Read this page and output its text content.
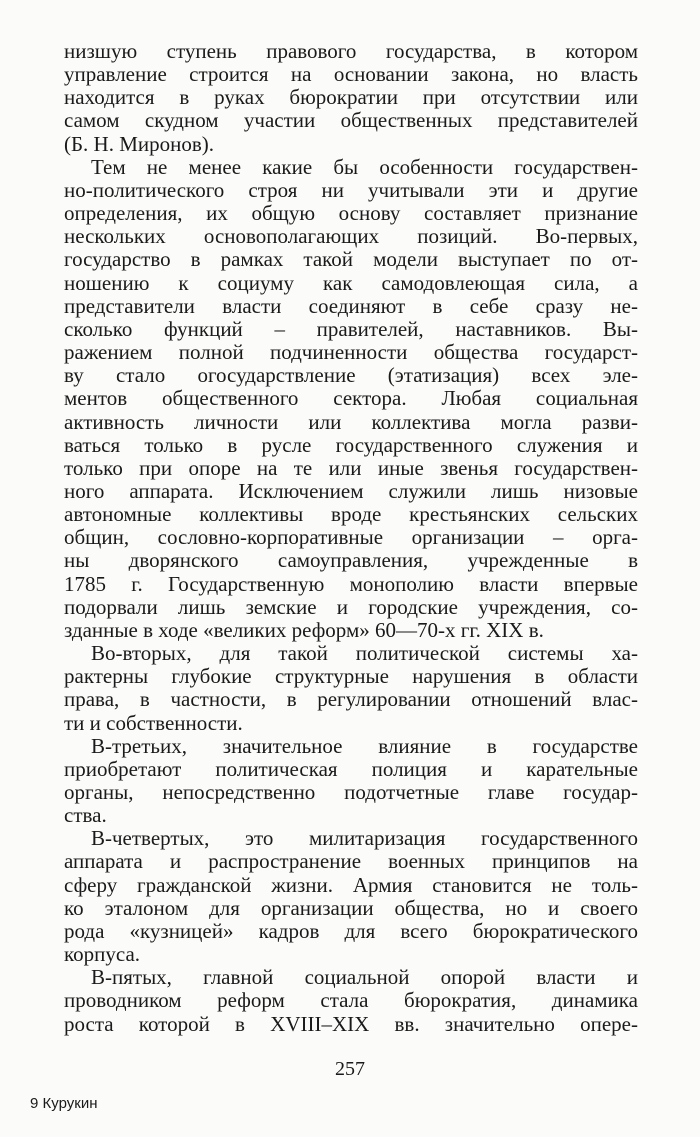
низшую ступень правового государства, в котором
управление строится на основании закона, но власть
находится в руках бюрократии при отсутствии или
самом скудном участии общественных представителей
(Б. Н. Миронов).
Тем не менее какие бы особенности государствен-
но-политического строя ни учитывали эти и другие
определения, их общую основу составляет признание
нескольких основополагающих позиций. Во-первых,
государство в рамках такой модели выступает по от-
ношению к социуму как самодовлеющая сила, а
представители власти соединяют в себе сразу не-
сколько функций – правителей, наставников. Вы-
ражением полной подчиненности общества государст-
ву стало огосударствление (этатизация) всех эле-
ментов общественного сектора. Любая социальная
активность личности или коллектива могла разви-
ваться только в русле государственного служения и
только при опоре на те или иные звенья государствен-
ного аппарата. Исключением служили лишь низовые
автономные коллективы вроде крестьянских сельских
общин, сословно-корпоративные организации – орга-
ны дворянского самоуправления, учрежденные в
1785 г. Государственную монополию власти впервые
подорвали лишь земские и городские учреждения, со-
зданные в ходе «великих реформ» 60—70-х гг. XIX в.
Во-вторых, для такой политической системы ха-
рактерны глубокие структурные нарушения в области
права, в частности, в регулировании отношений влас-
ти и собственности.
В-третьих, значительное влияние в государстве
приобретают политическая полиция и карательные
органы, непосредственно подотчетные главе государ-
ства.
В-четвертых, это милитаризация государственного
аппарата и распространение военных принципов на
сферу гражданской жизни. Армия становится не толь-
ко эталоном для организации общества, но и своего
рода «кузницей» кадров для всего бюрократического
корпуса.
В-пятых, главной социальной опорой власти и
проводником реформ стала бюрократия, динамика
роста которой в XVIII–XIX вв. значительно опере-
257
9 Курукин
